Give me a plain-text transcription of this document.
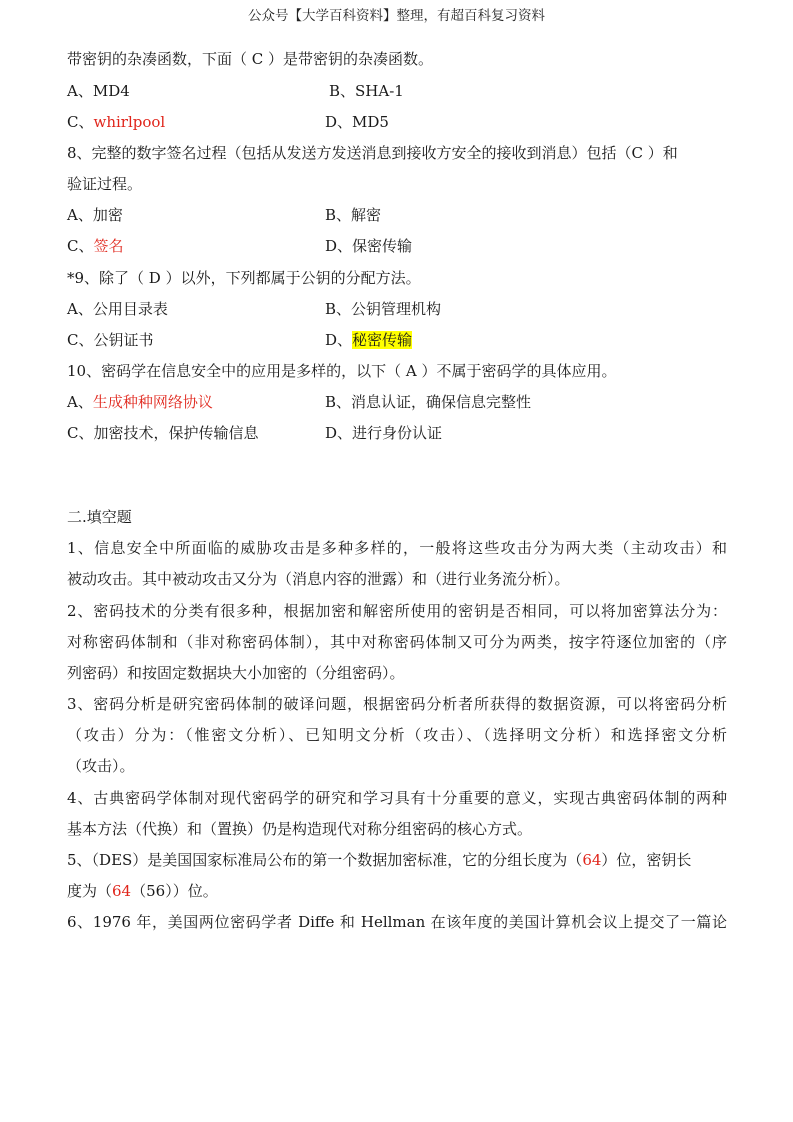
公众号【大学百科资料】整理，有超百科复习资料
带密钥的杂凑函数，下面（ C ）是带密钥的杂凑函数。
A、MD4	B、SHA-1
C、whirlpool	D、MD5
8、完整的数字签名过程（包括从发送方发送消息到接收方安全的接收到消息）包括（C ）和
验证过程。
A、加密	B、解密
C、签名	D、保密传输
*9、除了（ D ）以外，下列都属于公钥的分配方法。
A、公用目录表	B、公钥管理机构
C、公钥证书	D、秘密传输
10、密码学在信息安全中的应用是多样的，以下（ A ）不属于密码学的具体应用。
A、生成种种网络协议	B、消息认证，确保信息完整性
C、加密技术，保护传输信息	D、进行身份认证
二.填空题
1、信息安全中所面临的威胁攻击是多种多样的，一般将这些攻击分为两大类（主动攻击）和
被动攻击。其中被动攻击又分为（消息内容的泄露）和（进行业务流分析）。
2、密码技术的分类有很多种，根据加密和解密所使用的密钥是否相同，可以将加密算法分为：
对称密码体制和（非对称密码体制），其中对称密码体制又可分为两类，按字符逐位加密的（序
列密码）和按固定数据块大小加密的（分组密码）。
3、密码分析是研究密码体制的破译问题，根据密码分析者所获得的数据资源，可以将密码分析
（攻击）分为：（惟密文分析）、已知明文分析（攻击）、（选择明文分析）和选择密文分析
（攻击）。
4、古典密码学体制对现代密码学的研究和学习具有十分重要的意义，实现古典密码体制的两种
基本方法（代换）和（置换）仍是构造现代对称分组密码的核心方式。
5、（DES）是美国国家标准局公布的第一个数据加密标准，它的分组长度为（64）位，密钥长
度为（64（56））位。
6、1976 年，美国两位密码学者 Diffe 和 Hellman 在该年度的美国计算机会议上提交了一篇论
